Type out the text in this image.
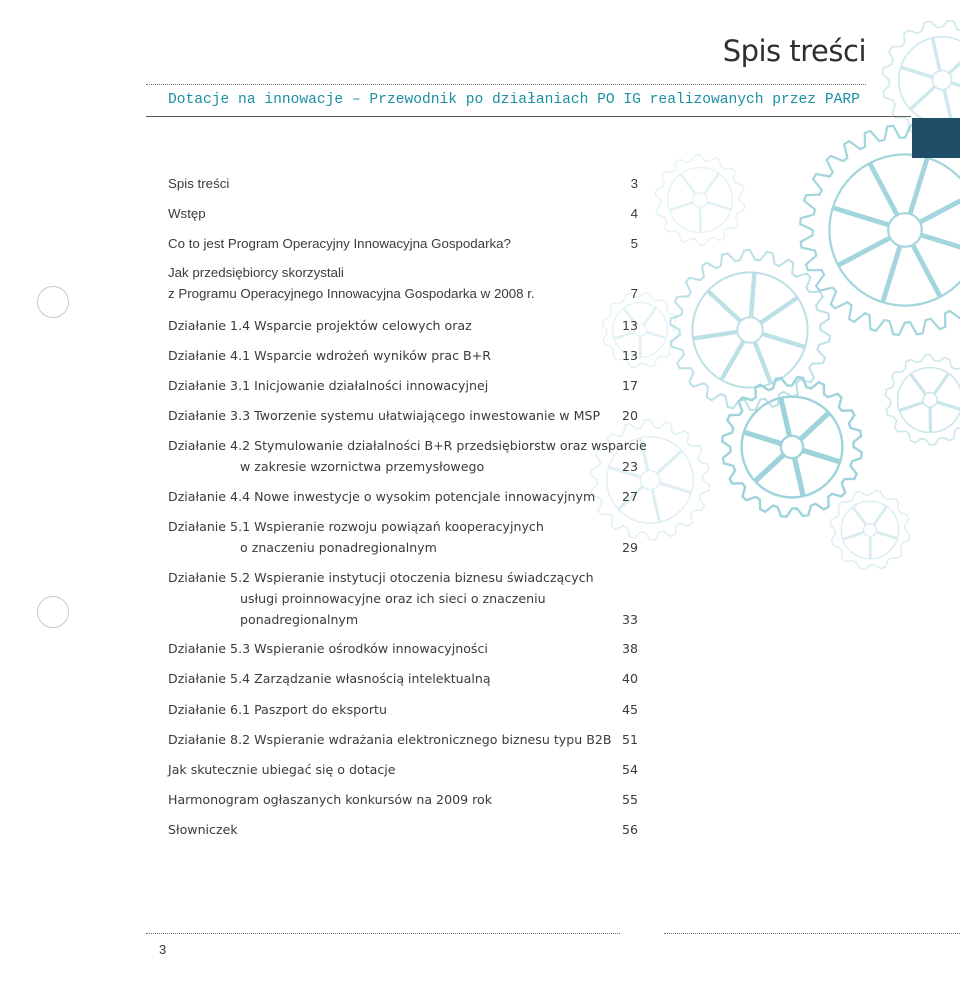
Spis treści
Dotacje na innowacje – Przewodnik po działaniach PO IG realizowanych przez PARP
Spis treści	3
Wstęp	4
Co to jest Program Operacyjny Innowacyjna Gospodarka?	5
Jak przedsiębiorcy skorzystali
z Programu Operacyjnego Innowacyjna Gospodarka w 2008 r.	7
Działanie 1.4 Wsparcie projektów celowych oraz	13
Działanie 4.1 Wsparcie wdrożeń wyników prac B+R	13
Działanie 3.1 Inicjowanie działalności innowacyjnej	17
Działanie 3.3 Tworzenie systemu ułatwiającego inwestowanie w MSP	20
Działanie 4.2 Stymulowanie działalności B+R przedsiębiorstw oraz wsparcie
w zakresie wzornictwa przemysłowego	23
Działanie 4.4 Nowe inwestycje o wysokim potencjale innowacyjnym	27
Działanie 5.1 Wspieranie rozwoju powiązań kooperacyjnych
o znaczeniu ponadregionalnym	29
Działanie 5.2 Wspieranie instytucji otoczenia biznesu świadczących
usługi proinnowacyjne oraz ich sieci o znaczeniu
ponadregionalnym	33
Działanie 5.3 Wspieranie ośrodków innowacyjności	38
Działanie 5.4 Zarządzanie własnością intelektualną	40
Działanie 6.1 Paszport do eksportu	45
Działanie 8.2 Wspieranie wdrażania elektronicznego biznesu typu B2B 51
Jak skutecznie ubiegać się o dotacje	54
Harmonogram ogłaszanych konkursów na 2009 rok	55
Słowniczek	56
3
